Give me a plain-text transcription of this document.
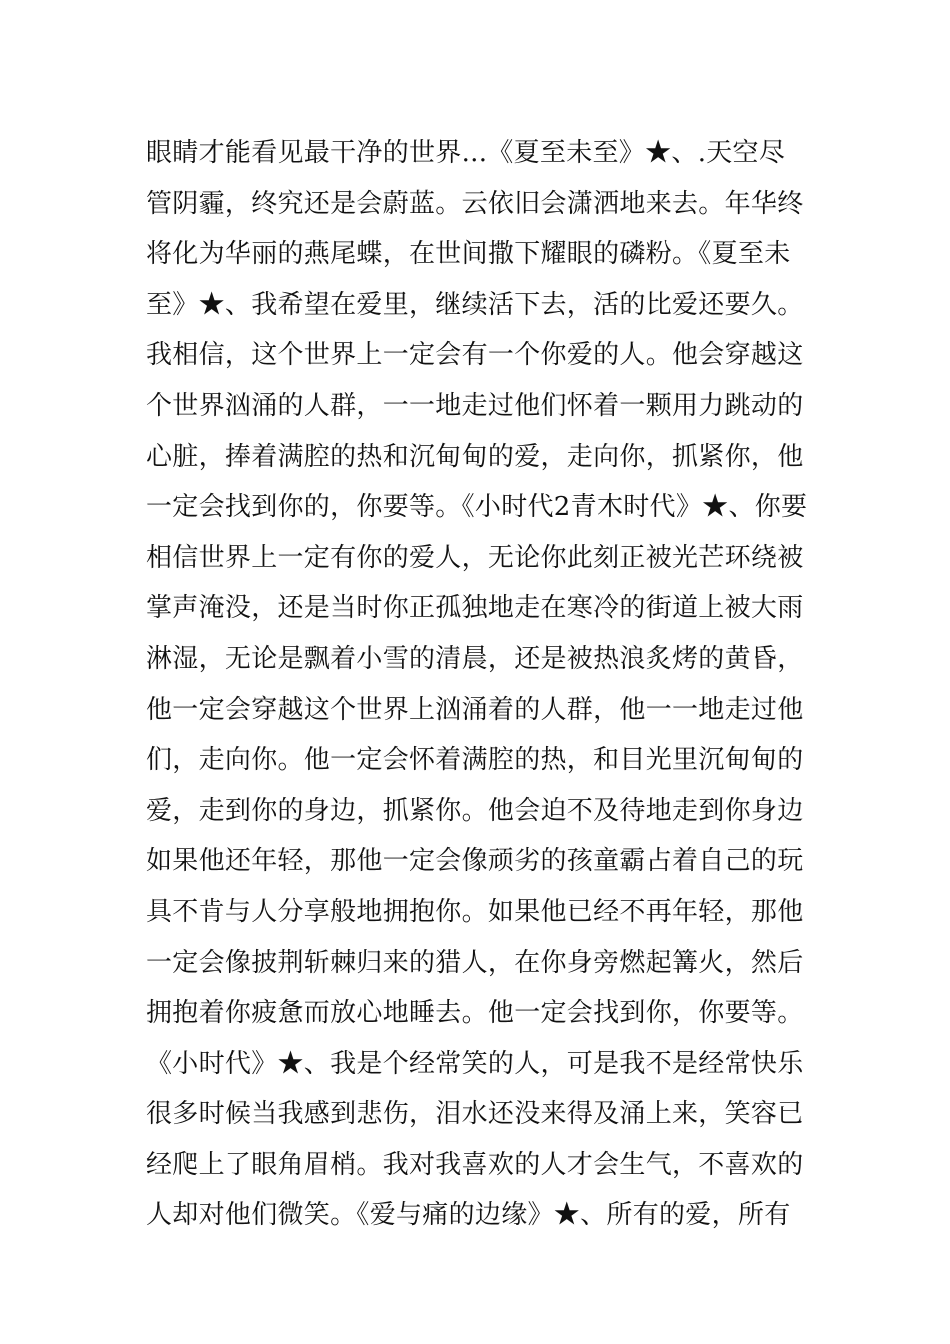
眼睛才能看见最干净的世界...《夏至未至》★、.天空尽
管阴霾，终究还是会蔚蓝。云依旧会潇洒地来去。年华终
将化为华丽的燕尾蝶，在世间撒下耀眼的磷粉。《夏至未
至》★、我希望在爱里，继续活下去，活的比爱还要久。
我相信，这个世界上一定会有一个你爱的人。他会穿越这
个世界汹涌的人群，一一地走过他们怀着一颗用力跳动的
心脏，捧着满腔的热和沉甸甸的爱，走向你，抓紧你，他
一定会找到你的，你要等。《小时代2青木时代》★、你要
相信世界上一定有你的爱人，无论你此刻正被光芒环绕被
掌声淹没，还是当时你正孤独地走在寒冷的街道上被大雨
淋湿，无论是飘着小雪的清晨，还是被热浪炙烤的黄昏，
他一定会穿越这个世界上汹涌着的人群，他一一地走过他
们，走向你。他一定会怀着满腔的热，和目光里沉甸甸的
爱，走到你的身边，抓紧你。他会迫不及待地走到你身边
如果他还年轻，那他一定会像顽劣的孩童霸占着自己的玩
具不肯与人分享般地拥抱你。如果他已经不再年轻，那他
一定会像披荆斩棘归来的猎人，在你身旁燃起篝火，然后
拥抱着你疲惫而放心地睡去。他一定会找到你，你要等。
《小时代》★、我是个经常笑的人，可是我不是经常快乐
很多时候当我感到悲伤，泪水还没来得及涌上来，笑容已
经爬上了眼角眉梢。我对我喜欢的人才会生气，不喜欢的
人却对他们微笑。《爱与痛的边缘》★、所有的爱，所有
